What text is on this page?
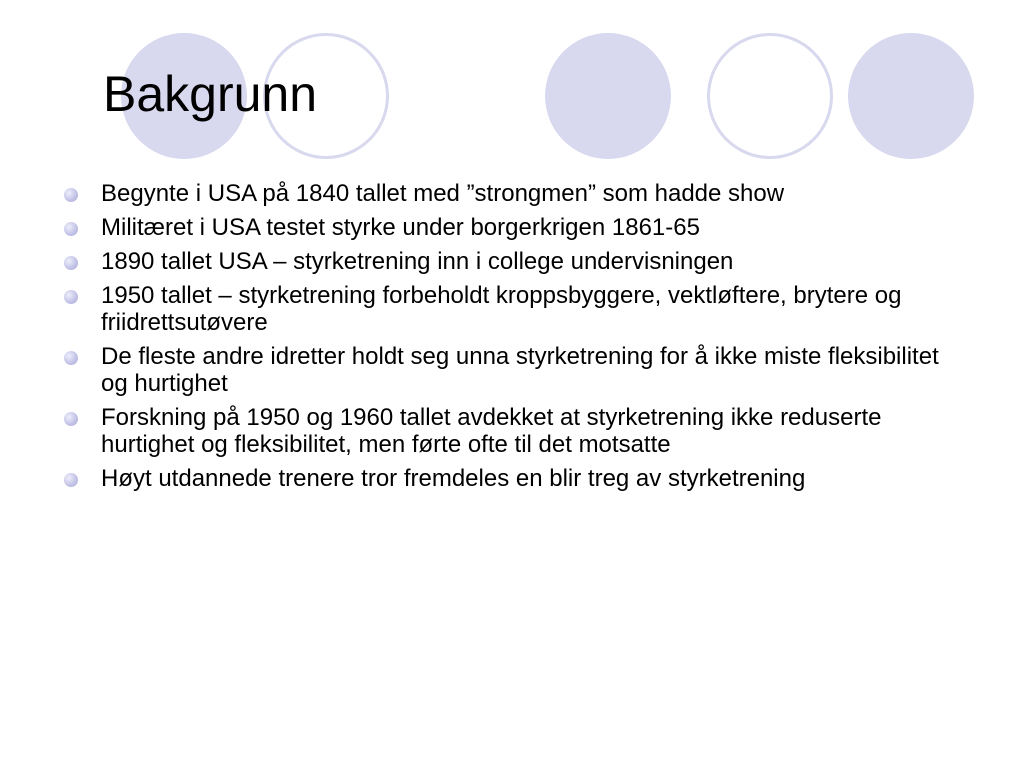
Bakgrunn
Begynte i USA på 1840 tallet med ”strongmen” som hadde show
Militæret i USA testet styrke under borgerkrigen 1861-65
1890 tallet USA – styrketrening inn i college undervisningen
1950 tallet – styrketrening forbeholdt kroppsbyggere, vektløftere, brytere og friidrettsutøvere
De fleste andre idretter holdt seg unna styrketrening for å ikke miste fleksibilitet og hurtighet
Forskning på 1950 og 1960 tallet avdekket at styrketrening ikke reduserte hurtighet og fleksibilitet, men førte ofte til det motsatte
Høyt utdannede trenere tror fremdeles en blir treg av styrketrening
